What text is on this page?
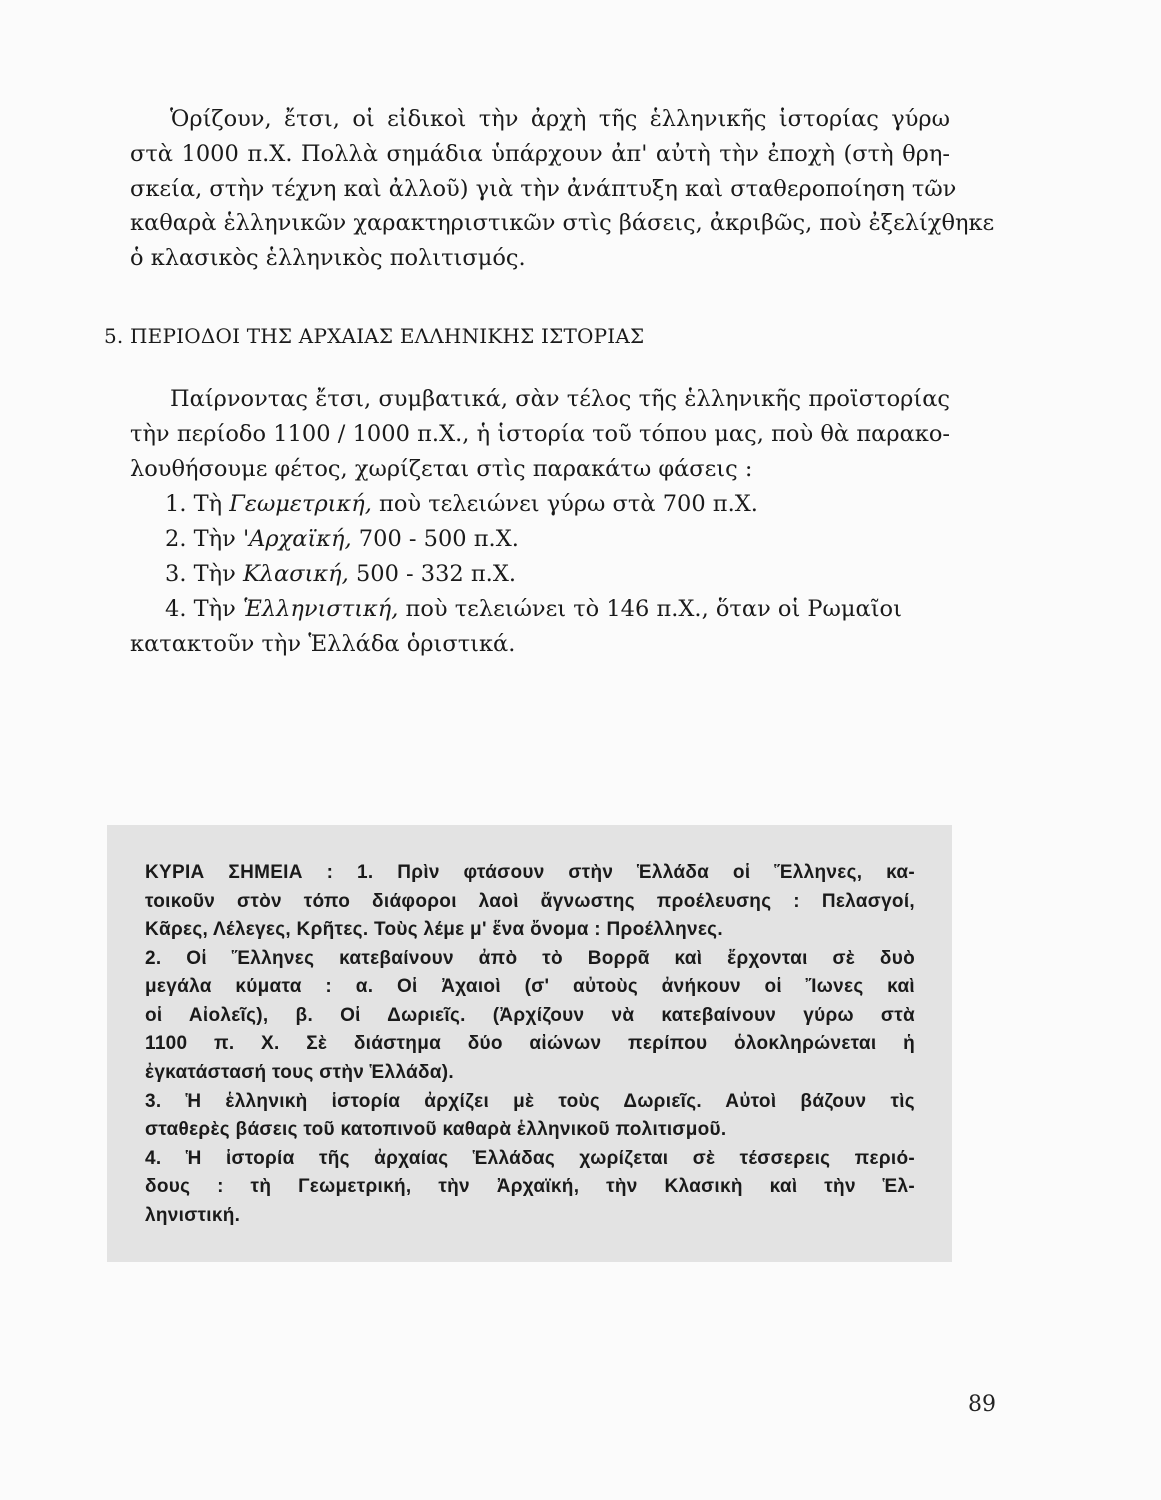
Ὁρίζουν, ἔτσι, οἱ εἰδικοὶ τὴν ἀρχὴ τῆς ἑλληνικῆς ἱστορίας γύρω
στὰ 1000 π.Χ. Πολλὰ σημάδια ὑπάρχουν ἀπ' αὐτὴ τὴν ἐποχὴ (στὴ θρη-
σκεία, στὴν τέχνη καὶ ἀλλοῦ) γιὰ τὴν ἀνάπτυξη καὶ σταθεροποίηση τῶν
καθαρὰ ἑλληνικῶν χαρακτηριστικῶν στὶς βάσεις, ἀκριβῶς, ποὺ ἐξελίχθηκε
ὁ κλασικὸς ἑλληνικὸς πολιτισμός.
5. ΠΕΡΙΟΔΟΙ ΤΗΣ ΑΡΧΑΙΑΣ ΕΛΛΗΝΙΚΗΣ ΙΣΤΟΡΙΑΣ
Παίρνοντας ἔτσι, συμβατικά, σὰν τέλος τῆς ἑλληνικῆς προϊστορίας
τὴν περίοδο 1100 / 1000 π.Χ., ἡ ἱστορία τοῦ τόπου μας, ποὺ θὰ παρακο-
λουθήσουμε φέτος, χωρίζεται στὶς παρακάτω φάσεις :
1. Τὴ Γεωμετρική, ποὺ τελειώνει γύρω στὰ 700 π.Χ.
2. Τὴν 'Αρχαϊκή, 700 - 500 π.Χ.
3. Τὴν Κλασική, 500 - 332 π.Χ.
4. Τὴν Ἑλληνιστική, ποὺ τελειώνει τὸ 146 π.Χ., ὅταν οἱ Ρωμαῖοι
κατακτοῦν τὴν Ἑλλάδα ὁριστικά.
ΚΥΡΙΑ ΣΗΜΕΙΑ : 1. Πρὶν φτάσουν στὴν Ἑλλάδα οἱ Ἕλληνες, κα-
τοικοῦν στὸν τόπο διάφοροι λαοὶ ἄγνωστης προέλευσης : Πελασγοί,
Κᾶρες, Λέλεγες, Κρῆτες. Τοὺς λέμε μ' ἕνα ὄνομα : Προέλληνες.
2. Οἱ Ἕλληνες κατεβαίνουν ἀπὸ τὸ Βορρᾶ καὶ ἔρχονται σὲ δυὸ
μεγάλα κύματα : α. Οἱ Ἀχαιοὶ (σ' αὐτοὺς ἀνήκουν οἱ Ἴωνες καὶ
οἱ Αἰολεῖς), β. Οἱ Δωριεῖς. (Ἀρχίζουν νὰ κατεβαίνουν γύρω στὰ
1100 π. Χ. Σὲ διάστημα δύο αἰώνων περίπου ὁλοκληρώνεται ἡ
ἐγκατάστασή τους στὴν Ἑλλάδα).
3. Ἡ ἑλληνικὴ ἱστορία ἀρχίζει μὲ τοὺς Δωριεῖς. Αὐτοὶ βάζουν τὶς
σταθερὲς βάσεις τοῦ κατοπινοῦ καθαρὰ ἑλληνικοῦ πολιτισμοῦ.
4. Ἡ ἱστορία τῆς ἀρχαίας Ἑλλάδας χωρίζεται σὲ τέσσερεις περιό-
δους : τὴ Γεωμετρική, τὴν Ἀρχαϊκή, τὴν Κλασικὴ καὶ τὴν Ἑλ-
ληνιστική.
89
